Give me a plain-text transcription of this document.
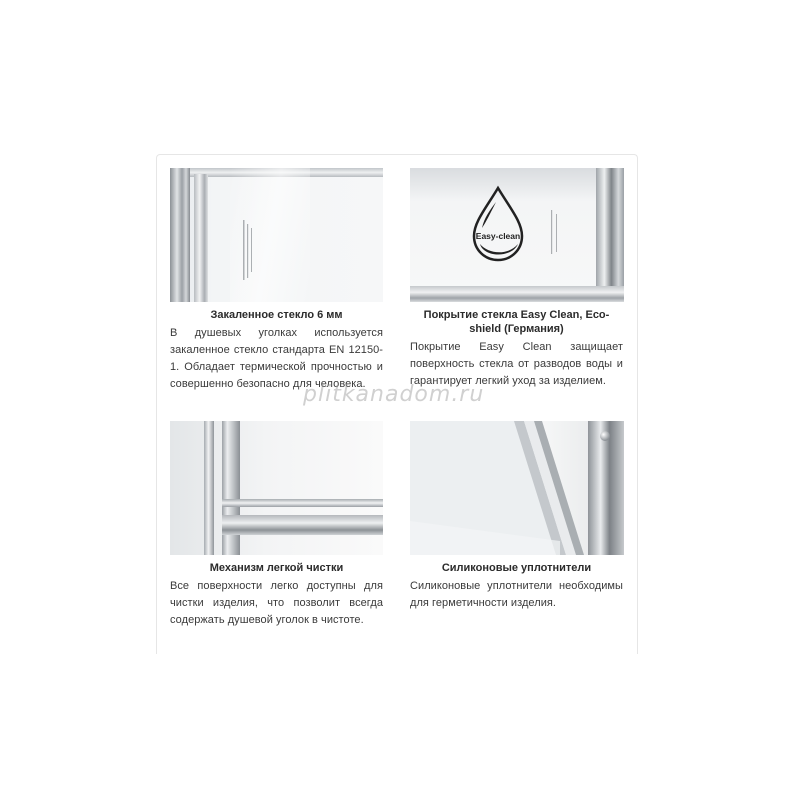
Закаленное стекло 6 мм
В душевых уголках используется закаленное стекло стандарта EN 12150-1. Обладает термической прочностью и совершенно безопасно для человека.
Easy-clean
Покрытие стекла Easy Clean, Eco-shield (Германия)
Покрытие Easy Clean защищает поверхность стекла от разводов воды и гарантирует легкий уход за изделием.
Механизм легкой чистки
Все поверхности легко доступны для чистки изделия, что позволит всегда содержать душевой уголок в чистоте.
Силиконовые уплотнители
Силиконовые уплотнители необходимы для герметичности изделия.
plitkanadom.ru
